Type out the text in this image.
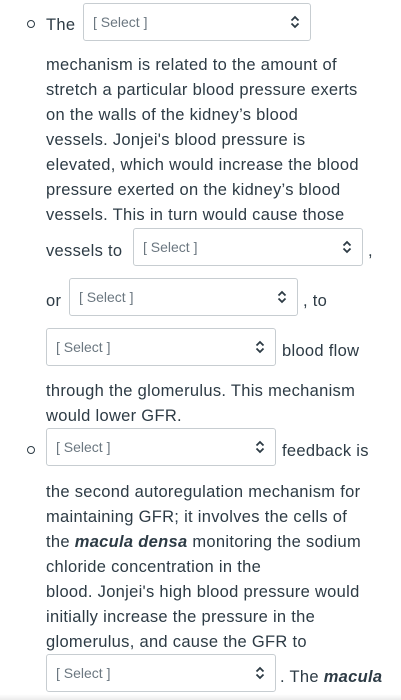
The [ Select ]
mechanism is related to the amount of
stretch a particular blood pressure exerts
on the walls of the kidney’s blood
vessels. Jonjei's blood pressure is
elevated, which would increase the blood
pressure exerted on the kidney’s blood
vessels. This in turn would cause those
vessels to [ Select ]	,
or [ Select ]	, to
[ Select ]	blood flow
through the glomerulus. This mechanism
would lower GFR.
[ Select ]	feedback is
the second autoregulation mechanism for
maintaining GFR; it involves the cells of
the macula densa monitoring the sodium
chloride concentration in the
blood. Jonjei's high blood pressure would
initially increase the pressure in the
glomerulus, and cause the GFR to
[ Select ]	. The macula
